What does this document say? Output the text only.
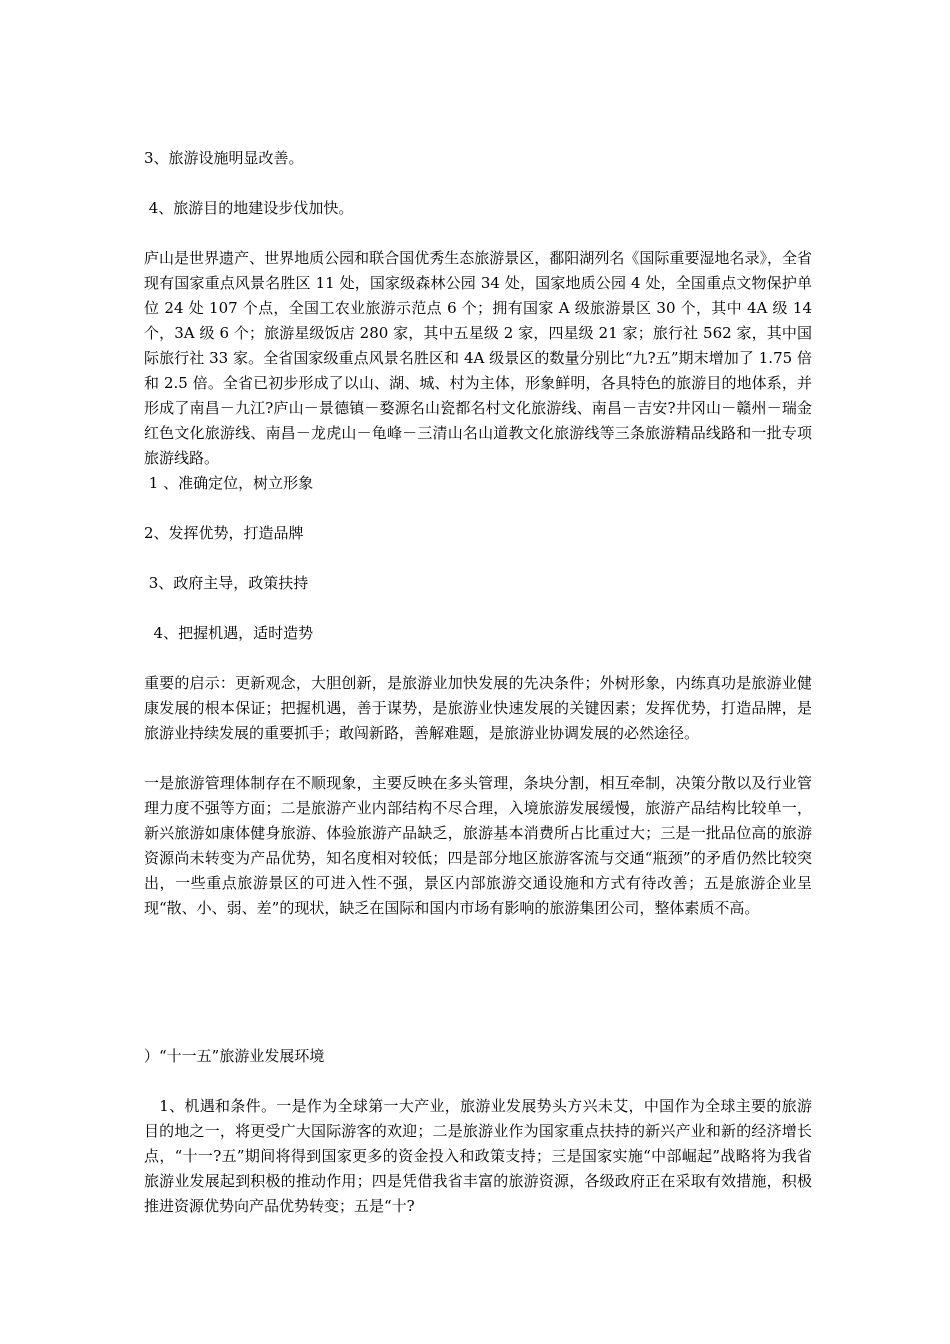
3、旅游设施明显改善。

4、旅游目的地建设步伐加快。

庐山是世界遗产、世界地质公园和联合国优秀生态旅游景区，鄱阳湖列名《国际重要湿地名录》，全省现有国家重点风景名胜区 11 处，国家级森林公园 34 处，国家地质公园 4 处，全国重点文物保护单位 24 处 107 个点，全国工农业旅游示范点 6 个；拥有国家 A 级旅游景区 30 个，其中 4A 级 14 个，3A 级 6 个；旅游星级饭店 280 家，其中五星级 2 家，四星级 21 家；旅行社 562 家，其中国际旅行社 33 家。全省国家级重点风景名胜区和 4A 级景区的数量分别比“九?五”期末增加了 1.75 倍和 2.5 倍。全省已初步形成了以山、湖、城、村为主体，形象鲜明，各具特色的旅游目的地体系，并形成了南昌－九江?庐山－景德镇－婺源名山瓷都名村文化旅游线、南昌－吉安?井冈山－赣州－瑞金红色文化旅游线、南昌－龙虎山－龟峰－三清山名山道教文化旅游线等三条旅游精品线路和一批专项旅游线路。

1 、准确定位，树立形象

2、发挥优势，打造品牌

3、政府主导，政策扶持

4、把握机遇，适时造势

重要的启示：更新观念，大胆创新，是旅游业加快发展的先决条件；外树形象，内练真功是旅游业健康发展的根本保证；把握机遇，善于谋势，是旅游业快速发展的关键因素；发挥优势，打造品牌，是旅游业持续发展的重要抓手；敢闯新路，善解难题，是旅游业协调发展的必然途径。

一是旅游管理体制存在不顺现象，主要反映在多头管理，条块分割，相互牵制，决策分散以及行业管理力度不强等方面；二是旅游产业内部结构不尽合理，入境旅游发展缓慢，旅游产品结构比较单一，新兴旅游如康体健身旅游、体验旅游产品缺乏，旅游基本消费所占比重过大；三是一批品位高的旅游资源尚未转变为产品优势，知名度相对较低；四是部分地区旅游客流与交通“瓶颈”的矛盾仍然比较突出，一些重点旅游景区的可进入性不强，景区内部旅游交通设施和方式有待改善；五是旅游企业呈现“散、小、弱、差”的现状，缺乏在国际和国内市场有影响的旅游集团公司，整体素质不高。

）“十一五”旅游业发展环境

1、机遇和条件。一是作为全球第一大产业，旅游业发展势头方兴未艾，中国作为全球主要的旅游目的地之一，将更受广大国际游客的欢迎；二是旅游业作为国家重点扶持的新兴产业和新的经济增长点，“十一?五”期间将得到国家更多的资金投入和政策支持；三是国家实施“中部崛起”战略将为我省旅游业发展起到积极的推动作用；四是凭借我省丰富的旅游资源，各级政府正在采取有效措施，积极推进资源优势向产品优势转变；五是“十?
